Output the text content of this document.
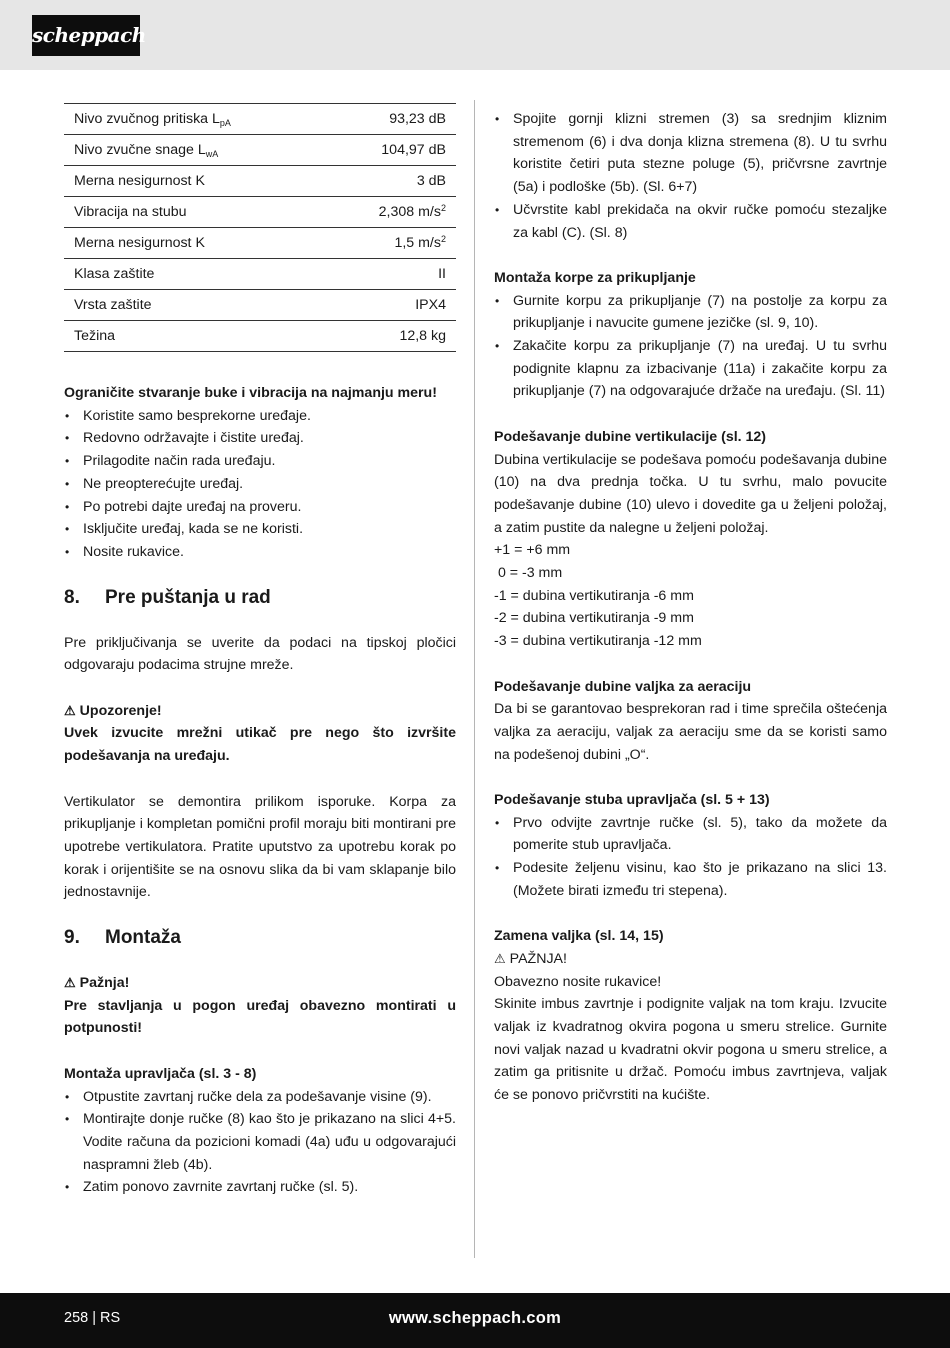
scheppach
Nivo zvučnog pritiska $L_{pA}$	93,23 dB
Nivo zvučne snage $L_{wA}$	104,97 dB
Merna nesigurnost K	3 dB
Vibracija na stubu	2,308 $m/s^2$
Merna nesigurnost K	1,5 $m/s^2$
Klasa zaštite	II
Vrsta zaštite	IPX4
Težina	12,8 kg
Ograničite stvaranje buke i vibracija na najmanju meru!
• Koristite samo besprekorne uređaje.
• Redovno održavajte i čistite uređaj.
• Prilagodite način rada uređaju.
• Ne preopterećujte uređaj.
• Po potrebi dajte uređaj na proveru.
• Isključite uređaj, kada se ne koristi.
• Nosite rukavice.
8.	Pre puštanja u rad
Pre priključivanja se uverite da podaci na tipskoj pločici odgovaraju podacima strujne mreže.
⚠ Upozorenje!
Uvek izvucite mrežni utikač pre nego što izvršite podešavanja na uređaju.
Vertikulator se demontira prilikom isporuke. Korpa za prikupljanje i kompletan pomični profil moraju biti montirani pre upotrebe vertikulatora. Pratite uputstvo za upotrebu korak po korak i orijentišite se na osnovu slika da bi vam sklapanje bilo jednostavnije.
9.	Montaža
⚠ Pažnja!
Pre stavljanja u pogon uređaj obavezno montirati u potpunosti!
Montaža upravljača (sl. 3 - 8)
• Otpustite zavrtanj ručke dela za podešavanje visine (9).
• Montirajte donje ručke (8) kao što je prikazano na slici 4+5. Vodite računa da pozicioni komadi (4a) uđu u odgovarajući naspramni žleb (4b).
• Zatim ponovo zavrnite zavrtanj ručke (sl. 5).
• Spojite gornji klizni stremen (3) sa srednjim kliznim stremenom (6) i dva donja klizna stremena (8). U tu svrhu koristite četiri puta stezne poluge (5), pričvrsne zavrtnje (5a) i podloške (5b). (Sl. 6+7)
• Učvrstite kabl prekidača na okvir ručke pomoću stezaljke za kabl (C). (Sl. 8)
Montaža korpe za prikupljanje
• Gurnite korpu za prikupljanje (7) na postolje za korpu za prikupljanje i navucite gumene jezičke (sl. 9, 10).
• Zakačite korpu za prikupljanje (7) na uređaj. U tu svrhu podignite klapnu za izbacivanje (11a) i zakačite korpu za prikupljanje (7) na odgovarajuće držače na uređaju. (Sl. 11)
Podešavanje dubine vertikulacije (sl. 12)
Dubina vertikulacije se podešava pomoću podešavanja dubine (10) na dva prednja točka. U tu svrhu, malo povucite podešavanje dubine (10) ulevo i dovedite ga u željeni položaj, a zatim pustite da nalegne u željeni položaj.
+1 = +6 mm
0 = -3 mm
-1 = dubina vertikutiranja -6 mm
-2 = dubina vertikutiranja -9 mm
-3 = dubina vertikutiranja -12 mm
Podešavanje dubine valjka za aeraciju
Da bi se garantovao besprekoran rad i time sprečila oštećenja valjka za aeraciju, valjak za aeraciju sme da se koristi samo na podešenoj dubini „O“.
Podešavanje stuba upravljača (sl. 5 + 13)
• Prvo odvijte zavrtnje ručke (sl. 5), tako da možete da pomerite stub upravljača.
• Podesite željenu visinu, kao što je prikazano na slici 13. (Možete birati između tri stepena).
Zamena valjka (sl. 14, 15)
⚠ PAŽNJA!
Obavezno nosite rukavice!
Skinite imbus zavrtnje i podignite valjak na tom kraju. Izvucite valjak iz kvadratnog okvira pogona u smeru strelice. Gurnite novi valjak nazad u kvadratni okvir pogona u smeru strelice, a zatim ga pritisnite u držač. Pomoću imbus zavrtnjeva, valjak će se ponovo pričvrstiti na kućište.
258 | RS	www.scheppach.com
